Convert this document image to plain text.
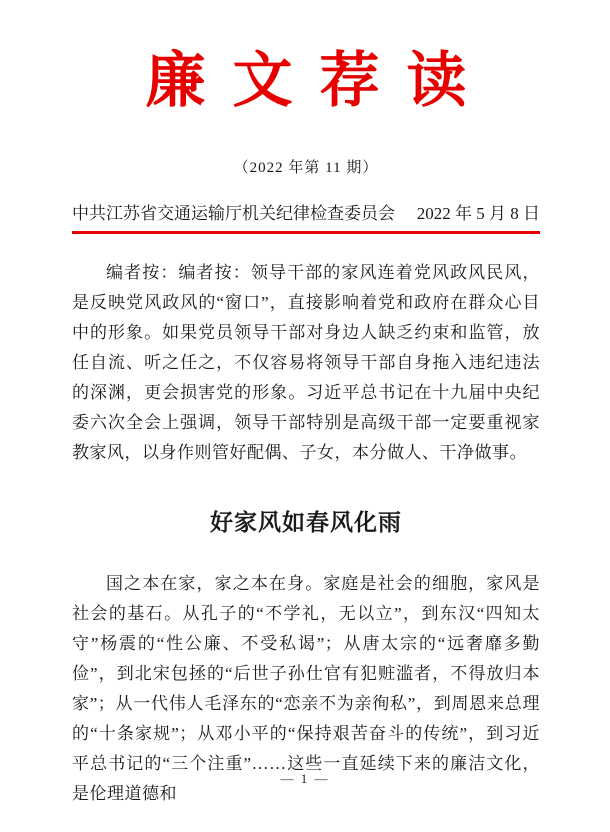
廉文荐读
（2022 年第 11 期）
中共江苏省交通运输厅机关纪律检查委员会 2022 年 5 月 8 日

编者按：编者按：领导干部的家风连着党风政风民风，是反映党风政风的“窗口”，直接影响着党和政府在群众心目中的形象。如果党员领导干部对身边人缺乏约束和监管，放任自流、听之任之，不仅容易将领导干部自身拖入违纪违法的深渊，更会损害党的形象。习近平总书记在十九届中央纪委六次全会上强调，领导干部特别是高级干部一定要重视家教家风，以身作则管好配偶、子女，本分做人、干净做事。

好家风如春风化雨

国之本在家，家之本在身。家庭是社会的细胞，家风是社会的基石。从孔子的“不学礼，无以立”，到东汉“四知太守”杨震的“性公廉、不受私谒”；从唐太宗的“远奢靡多勤俭”，到北宋包拯的“后世子孙仕官有犯赃滥者，不得放归本家”；从一代伟人毛泽东的“恋亲不为亲徇私”，到周恩来总理的“十条家规”；从邓小平的“保持艰苦奋斗的传统”，到习近平总书记的“三个注重”……这些一直延续下来的廉洁文化，是伦理道德和

— 1 —
